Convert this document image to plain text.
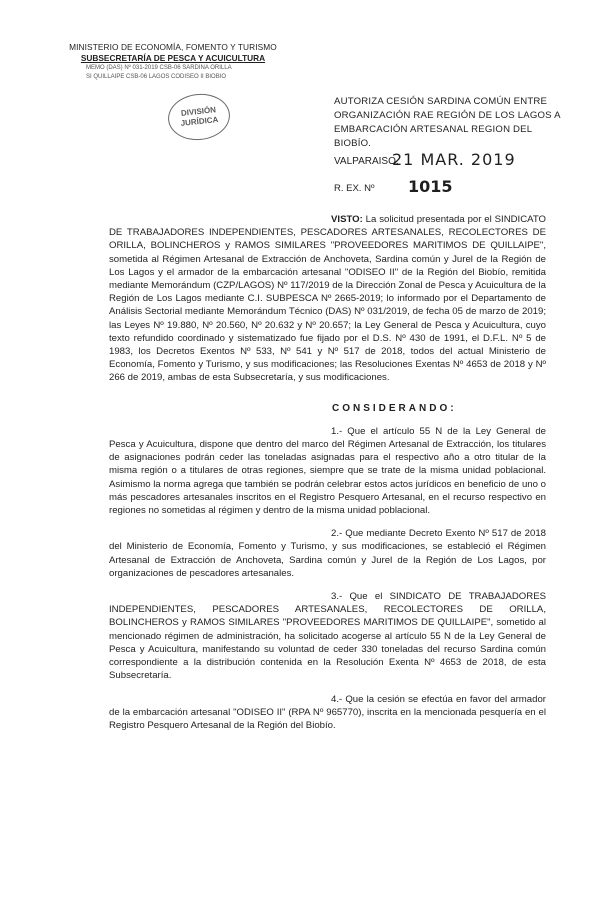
MINISTERIO DE ECONOMÍA, FOMENTO Y TURISMO
SUBSECRETARÍA DE PESCA Y ACUICULTURA
MEMO (DAS) Nº 031-2019 CSB-06 SARDINA ORILLA
SI QUILLAIPE CSB-06 LAGOS CODISEO II BIOBIO
DIVISIÓN
JURÍDICA
AUTORIZA CESIÓN SARDINA COMÚN ENTRE ORGANIZACIÓN RAE REGIÓN DE LOS LAGOS A EMBARCACIÓN ARTESANAL REGION DEL BIOBÍO.
VALPARAISO,
21 MAR. 2019
R. EX. Nº 1015

VISTO: La solicitud presentada por el SINDICATO DE TRABAJADORES INDEPENDIENTES, PESCADORES ARTESANALES, RECOLECTORES DE ORILLA, BOLINCHEROS y RAMOS SIMILARES "PROVEEDORES MARITIMOS DE QUILLAIPE", sometida al Régimen Artesanal de Extracción de Anchoveta, Sardina común y Jurel de la Región de Los Lagos y el armador de la embarcación artesanal "ODISEO II" de la Región del Biobío, remitida mediante Memorándum (CZP/LAGOS) Nº 117/2019 de la Dirección Zonal de Pesca y Acuicultura de la Región de Los Lagos mediante C.I. SUBPESCA Nº 2665-2019; lo informado por el Departamento de Análisis Sectorial mediante Memorándum Técnico (DAS) Nº 031/2019, de fecha 05 de marzo de 2019; las Leyes Nº 19.880, Nº 20.560, Nº 20.632 y Nº 20.657; la Ley General de Pesca y Acuicultura, cuyo texto refundido coordinado y sistematizado fue fijado por el D.S. Nº 430 de 1991, el D.F.L. Nº 5 de 1983, los Decretos Exentos Nº 533, Nº 541 y Nº 517 de 2018, todos del actual Ministerio de Economía, Fomento y Turismo, y sus modificaciones; las Resoluciones Exentas Nº 4653 de 2018 y Nº 266 de 2019, ambas de esta Subsecretaría, y sus modificaciones.

CONSIDERANDO:

1.- Que el artículo 55 N de la Ley General de Pesca y Acuicultura, dispone que dentro del marco del Régimen Artesanal de Extracción, los titulares de asignaciones podrán ceder las toneladas asignadas para el respectivo año a otro titular de la misma región o a titulares de otras regiones, siempre que se trate de la misma unidad poblacional. Asimismo la norma agrega que también se podrán celebrar estos actos jurídicos en beneficio de uno o más pescadores artesanales inscritos en el Registro Pesquero Artesanal, en el recurso respectivo en regiones no sometidas al régimen y dentro de la misma unidad poblacional.

2.- Que mediante Decreto Exento Nº 517 de 2018 del Ministerio de Economía, Fomento y Turismo, y sus modificaciones, se estableció el Régimen Artesanal de Extracción de Anchoveta, Sardina común y Jurel de la Región de Los Lagos, por organizaciones de pescadores artesanales.

3.- Que el SINDICATO DE TRABAJADORES INDEPENDIENTES, PESCADORES ARTESANALES, RECOLECTORES DE ORILLA, BOLINCHEROS y RAMOS SIMILARES "PROVEEDORES MARITIMOS DE QUILLAIPE", sometido al mencionado régimen de administración, ha solicitado acogerse al artículo 55 N de la Ley General de Pesca y Acuicultura, manifestando su voluntad de ceder 330 toneladas del recurso Sardina común correspondiente a la distribución contenida en la Resolución Exenta Nº 4653 de 2018, de esta Subsecretaría.

4.- Que la cesión se efectúa en favor del armador de la embarcación artesanal "ODISEO II" (RPA Nº 965770), inscrita en la mencionada pesquería en el Registro Pesquero Artesanal de la Región del Biobío.
